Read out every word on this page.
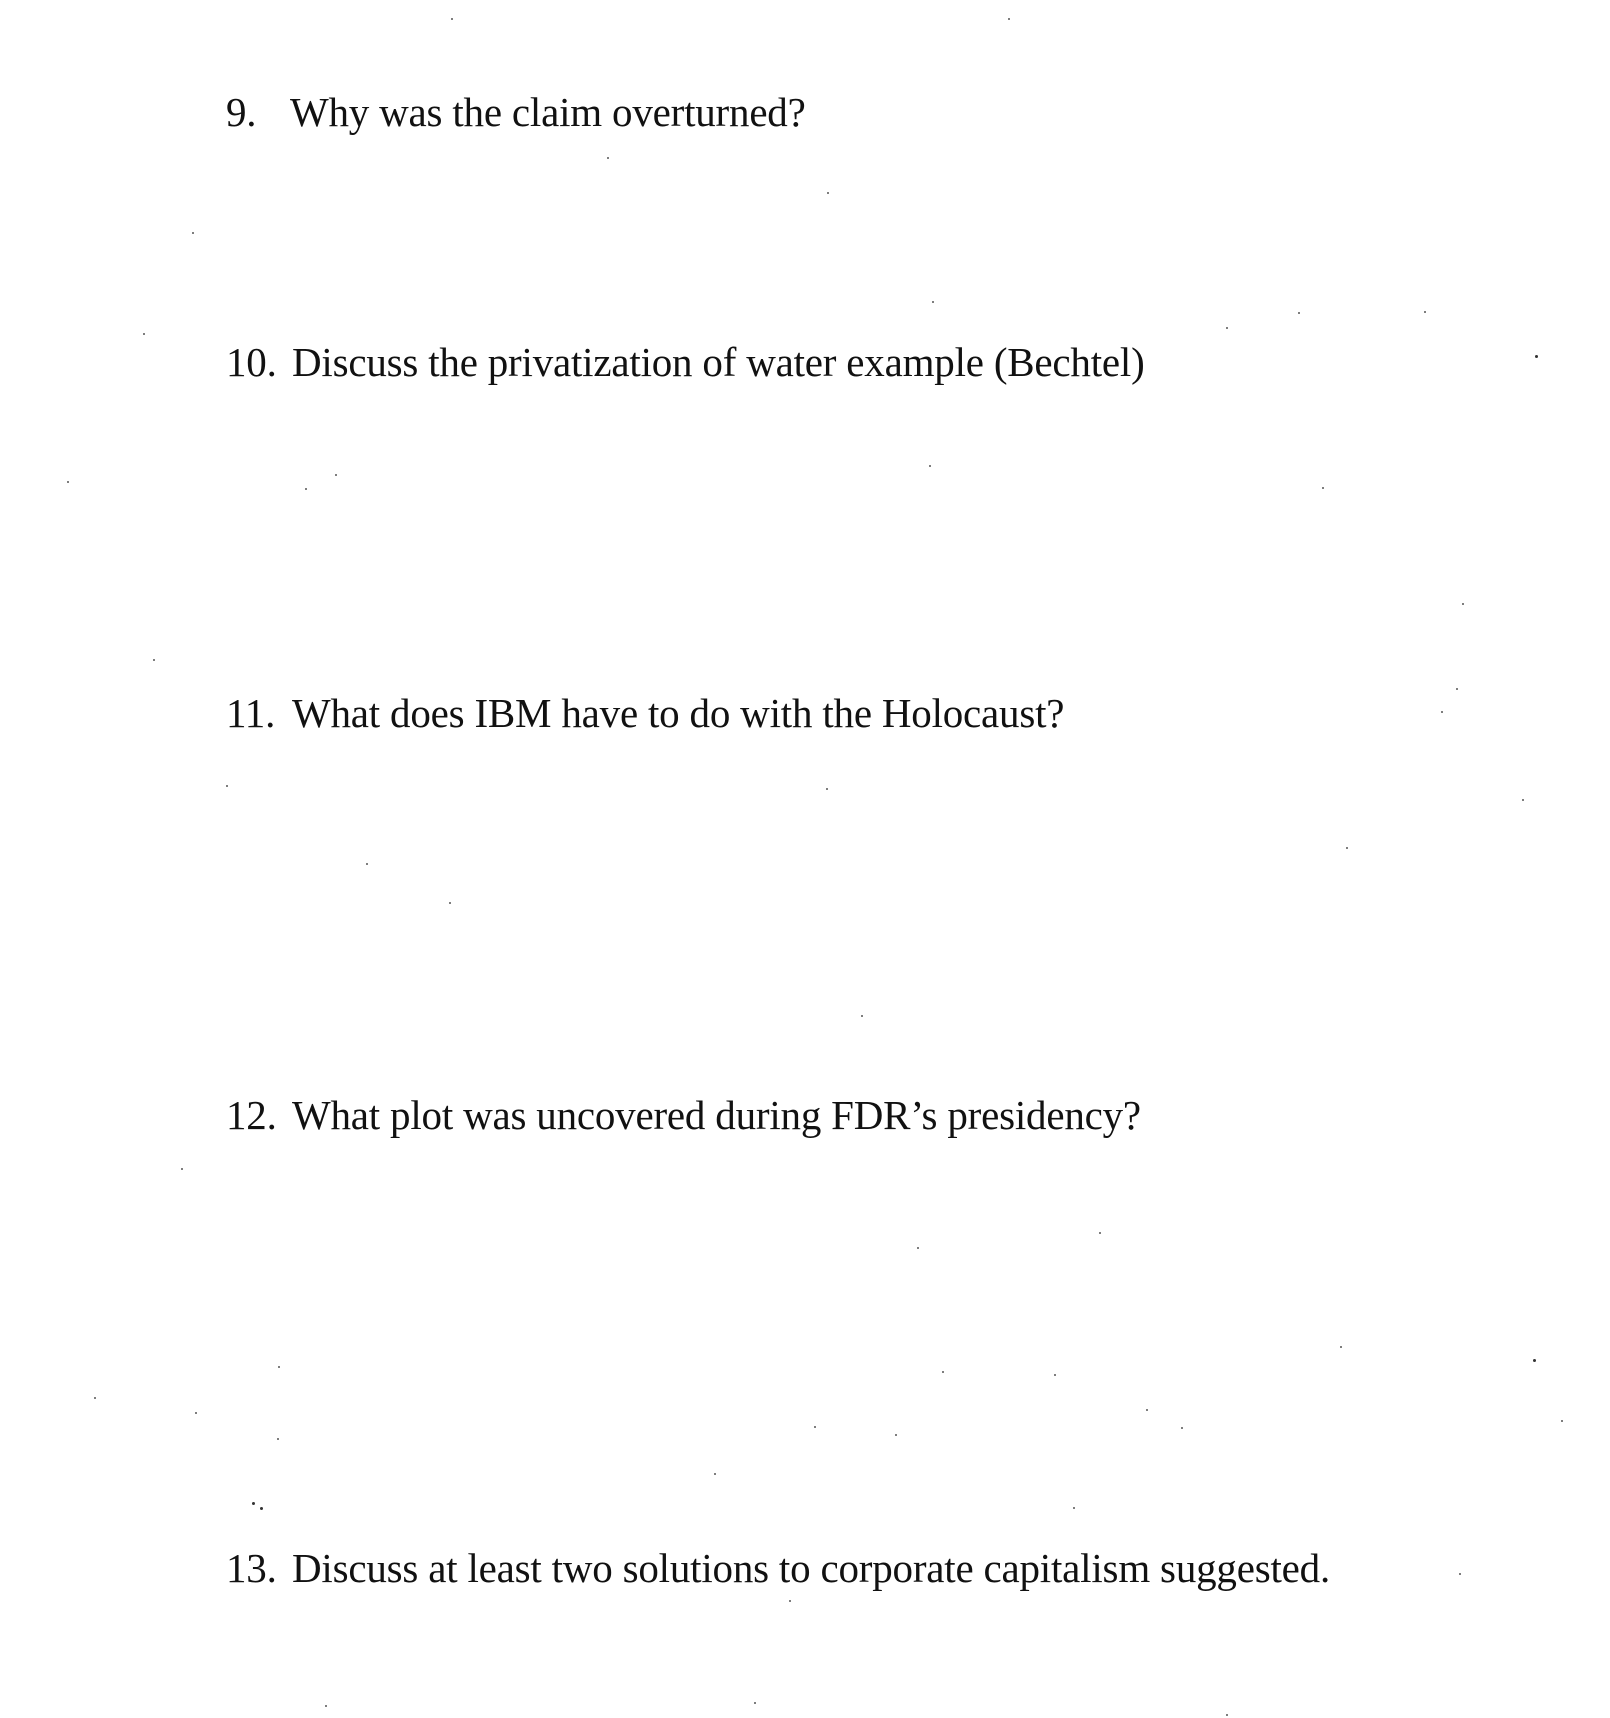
9. Why was the claim overturned?
10. Discuss the privatization of water example (Bechtel)
11. What does IBM have to do with the Holocaust?
12. What plot was uncovered during FDR’s presidency?
13. Discuss at least two solutions to corporate capitalism suggested.
